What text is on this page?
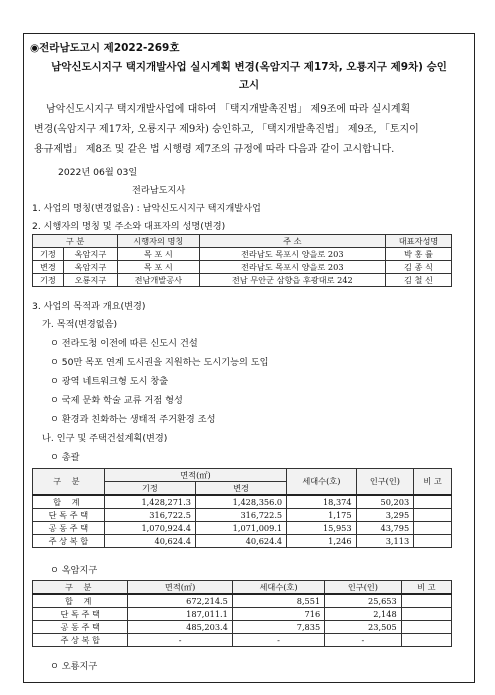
◉전라남도고시 제2022-269호
남악신도시지구 택지개발사업 실시계획 변경(옥암지구 제17차, 오룡지구 제9차) 승인 고시
남악신도시지구 택지개발사업에 대하여 「택지개발촉진법」 제9조에 따라 실시계획
변경(옥암지구 제17차, 오룡지구 제9차) 승인하고, 「택지개발촉진법」 제9조, 「토지이
용규제법」 제8조 및 같은 법 시행령 제7조의 규정에 따라 다음과 같이 고시합니다.
2022년 06월 03일
전라남도지사
1. 사업의 명칭(변경없음) : 남악신도시지구 택지개발사업
2. 시행자의 명칭 및 주소와 대표자의 성명(변경)
구 분		시행자의 명칭	주 소	대표자성명
기정	옥암지구	목 포 시	전라남도 목포시 양을로 203	박 홍 률
변경	옥암지구	목 포 시	전라남도 목포시 양을로 203	김 종 식
기정	오룡지구	전남개발공사	전남 무안군 삼향읍 후광대로 242	김 철 신
3. 사업의 목적과 개요(변경)
가. 목적(변경없음)
ㅇ 전라도청 이전에 따른 신도시 건설
ㅇ 50만 목포 연계 도시권을 지원하는 도시기능의 도입
ㅇ 광역 네트워크형 도시 창출
ㅇ 국제 문화 학술 교류 거점 형성
ㅇ 환경과 친화하는 생태적 주거환경 조성
나. 인구 및 주택건설계획(변경)
ㅇ 총괄
구 분	면적(㎡)		세대수(호)	인구(인)	비 고
	기정	변경			
합 계	1,428,271.3	1,428,356.0	18,374	50,203	
단 독 주 택	316,722.5	316,722.5	1,175	3,295	
공 동 주 택	1,070,924.4	1,071,009.1	15,953	43,795	
주 상 복 합	40,624.4	40,624.4	1,246	3,113	
ㅇ 옥암지구
구 분	면적(㎡)	세대수(호)	인구(인)	비 고
합 계	672,214.5	8,551	25,653	
단 독 주 택	187,011.1	716	2,148	
공 동 주 택	485,203.4	7,835	23,505	
주 상 복 합	-	-	-	
ㅇ 오룡지구
